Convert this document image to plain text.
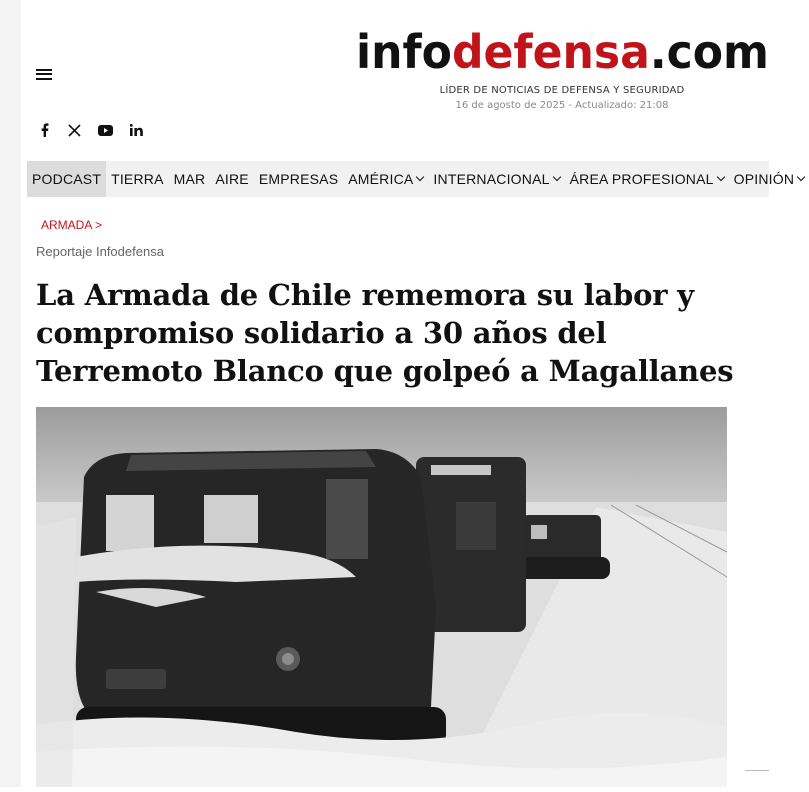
infodefensa.com
LÍDER DE NOTICIAS DE DEFENSA Y SEGURIDAD
16 de agosto de 2025 - Actualizado: 21:08
PODCAST TIERRA MAR AIRE EMPRESAS AMÉRICA INTERNACIONAL ÁREA PROFESIONAL OPINIÓN
ARMADA >
Reportaje Infodefensa
La Armada de Chile rememora su labor y compromiso solidario a 30 años del Terremoto Blanco que golpeó a Magallanes
